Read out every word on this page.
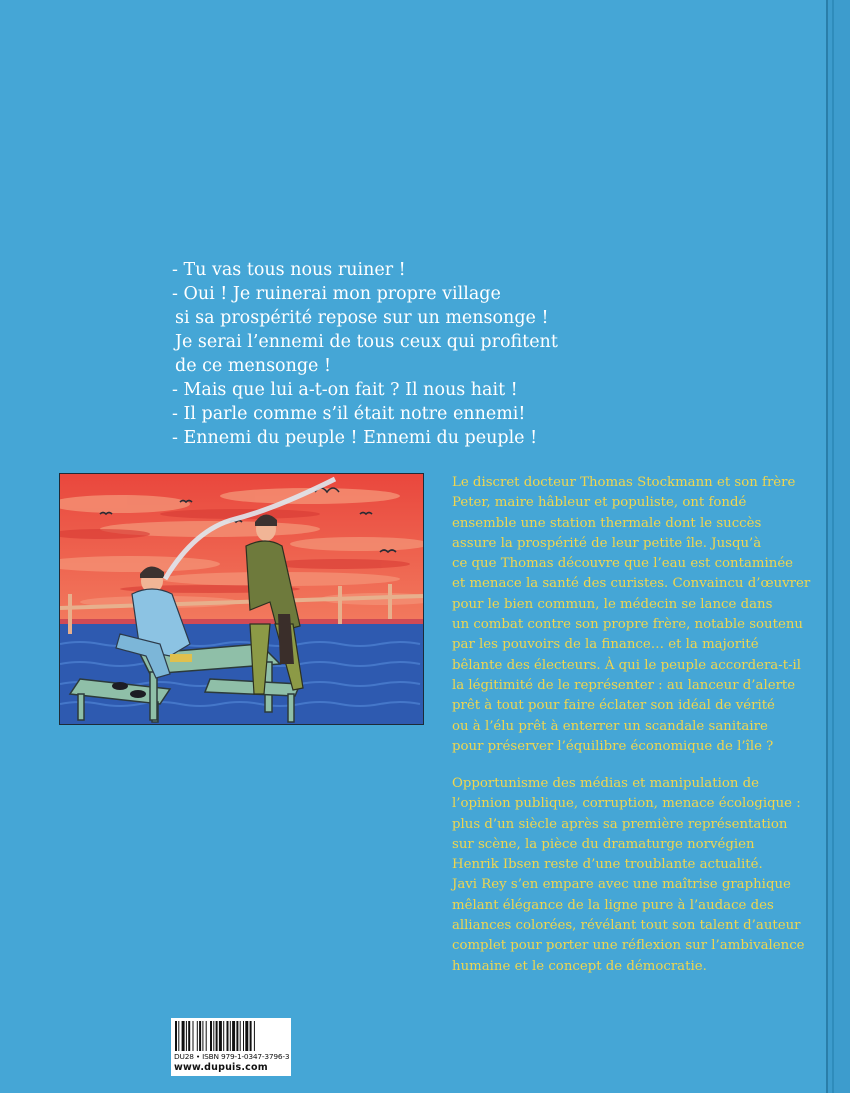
- Tu vas tous nous ruiner !
- Oui ! Je ruinerai mon propre village
si sa prospérité repose sur un mensonge !
Je serai l’ennemi de tous ceux qui profitent
de ce mensonge !
- Mais que lui a-t-on fait ? Il nous hait !
- Il parle comme s’il était notre ennemi!
- Ennemi du peuple ! Ennemi du peuple !
Le discret docteur Thomas Stockmann et son frère
Peter, maire hâbleur et populiste, ont fondé
ensemble une station thermale dont le succès
assure la prospérité de leur petite île. Jusqu’à
ce que Thomas découvre que l’eau est contaminée
et menace la santé des curistes. Convaincu d’œuvrer
pour le bien commun, le médecin se lance dans
un combat contre son propre frère, notable soutenu
par les pouvoirs de la finance… et la majorité
bêlante des électeurs. À qui le peuple accordera-t-il
la légitimité de le représenter : au lanceur d’alerte
prêt à tout pour faire éclater son idéal de vérité
ou à l’élu prêt à enterrer un scandale sanitaire
pour préserver l’équilibre économique de l’île ?
Opportunisme des médias et manipulation de
l’opinion publique, corruption, menace écologique :
plus d’un siècle après sa première représentation
sur scène, la pièce du dramaturge norvégien
Henrik Ibsen reste d’une troublante actualité.
Javi Rey s’en empare avec une maîtrise graphique
mêlant élégance de la ligne pure à l’audace des
alliances colorées, révélant tout son talent d’auteur
complet pour porter une réflexion sur l’ambivalence
humaine et le concept de démocratie.
DU28 • ISBN 979-1-0347-3796-3
www.dupuis.com
